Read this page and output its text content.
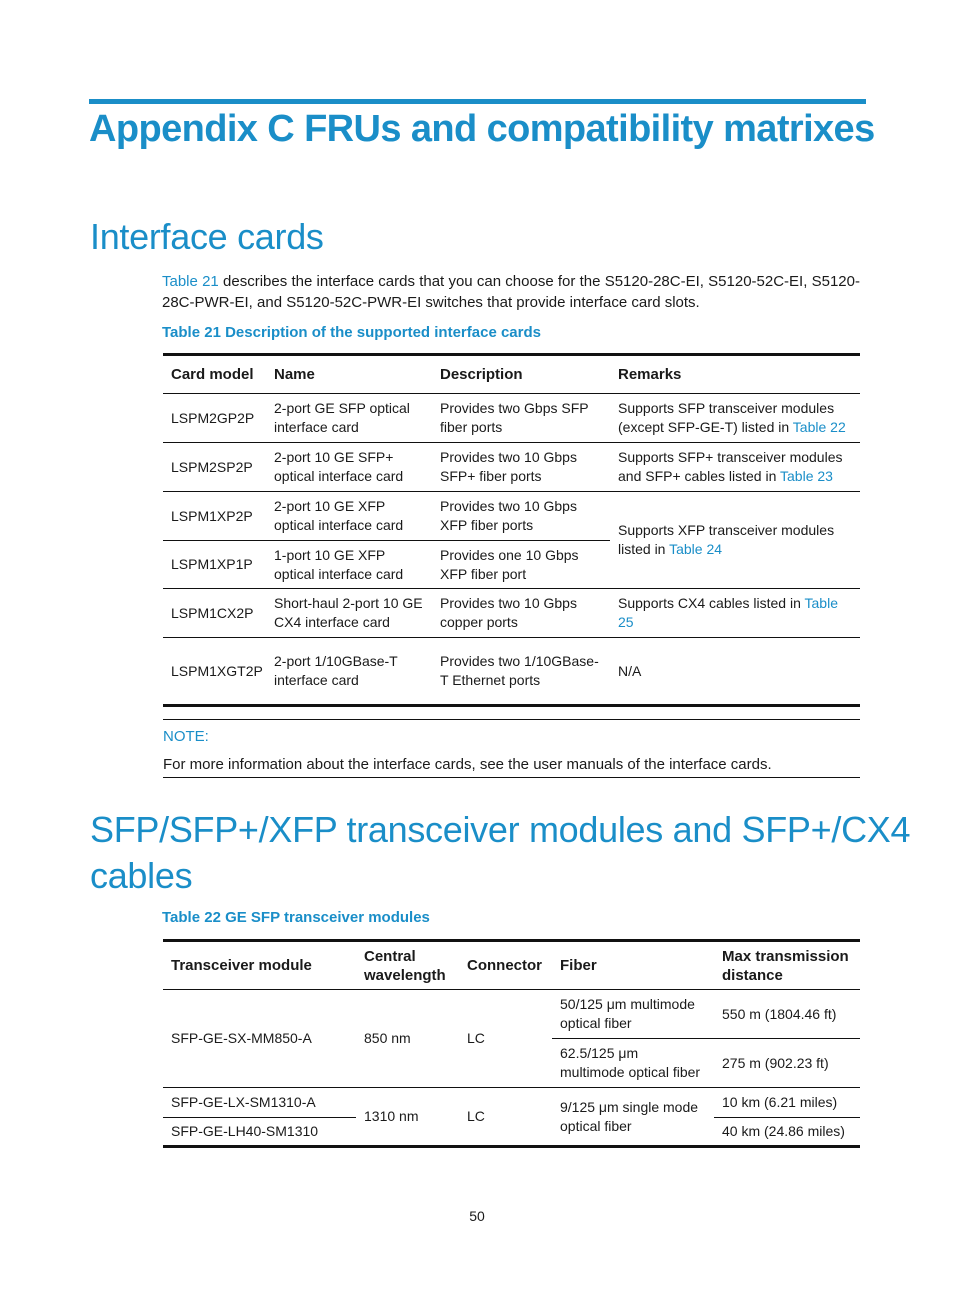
Appendix C FRUs and compatibility matrixes
Interface cards

Table 21 describes the interface cards that you can choose for the S5120-28C-EI, S5120-52C-EI, S5120-28C-PWR-EI, and S5120-52C-PWR-EI switches that provide interface card slots.

Table 21 Description of the supported interface cards

Card model	Name	Description	Remarks
LSPM2GP2P	2-port GE SFP optical interface card	Provides two Gbps SFP fiber ports	Supports SFP transceiver modules (except SFP-GE-T) listed in Table 22
LSPM2SP2P	2-port 10 GE SFP+ optical interface card	Provides two 10 Gbps SFP+ fiber ports	Supports SFP+ transceiver modules and SFP+ cables listed in Table 23
LSPM1XP2P	2-port 10 GE XFP optical interface card	Provides two 10 Gbps XFP fiber ports	Supports XFP transceiver modules listed in Table 24
LSPM1XP1P	1-port 10 GE XFP optical interface card	Provides one 10 Gbps XFP fiber port	
LSPM1CX2P	Short-haul 2-port 10 GE CX4 interface card	Provides two 10 Gbps copper ports	Supports CX4 cables listed in Table 25
LSPM1XGT2P	2-port 1/10GBase-T interface card	Provides two 1/10GBase-T Ethernet ports	N/A
NOTE:
For more information about the interface cards, see the user manuals of the interface cards.
SFP/SFP+/XFP transceiver modules and SFP+/CX4
cables

Table 22 GE SFP transceiver modules

Transceiver module	Central wavelength	Connector	Fiber	Max transmission distance
SFP-GE-SX-MM850-A	850 nm	LC	50/125 μm multimode optical fiber	550 m (1804.46 ft)
			62.5/125 μm multimode optical fiber	275 m (902.23 ft)
SFP-GE-LX-SM1310-A	1310 nm	LC	9/125 μm single mode optical fiber	10 km (6.21 miles)
SFP-GE-LH40-SM1310				40 km (24.86 miles)
50
